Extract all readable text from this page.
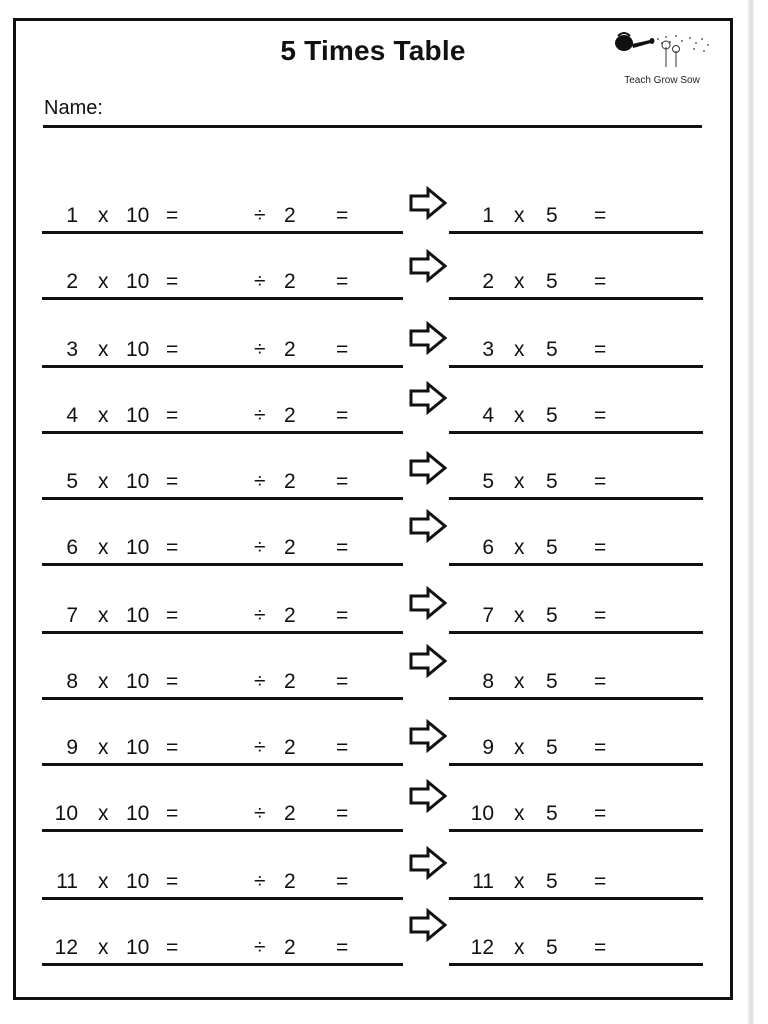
5 Times Table
Teach Grow Sow
Name:
1 x 10 =	÷ 2 =	1 x 5 =
2 x 10 =	÷ 2 =	2 x 5 =
3 x 10 =	÷ 2 =	3 x 5 =
4 x 10 =	÷ 2 =	4 x 5 =
5 x 10 =	÷ 2 =	5 x 5 =
6 x 10 =	÷ 2 =	6 x 5 =
7 x 10 =	÷ 2 =	7 x 5 =
8 x 10 =	÷ 2 =	8 x 5 =
9 x 10 =	÷ 2 =	9 x 5 =
10 x 10 =	÷ 2 =	10 x 5 =
11 x 10 =	÷ 2 =	11 x 5 =
12 x 10 =	÷ 2 =	12 x 5 =
